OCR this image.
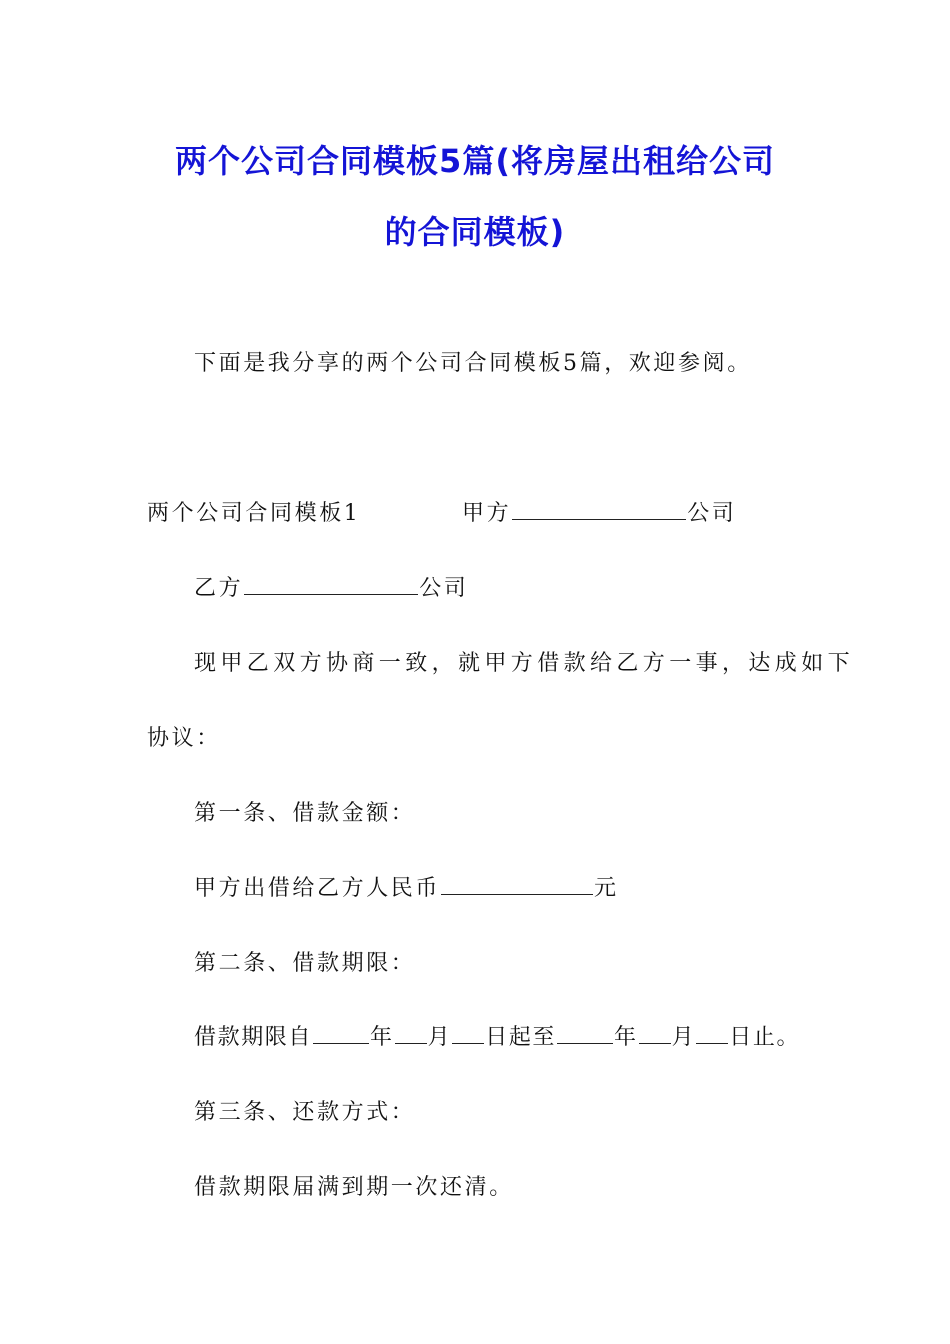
两个公司合同模板5篇(将房屋出租给公司
的合同模板)
下面是我分享的两个公司合同模板5篇，欢迎参阅。
两个公司合同模板1	甲方	公司
乙方	公司
现甲乙双方协商一致，就甲方借款给乙方一事，达成如下
协议：
第一条、借款金额：
甲方出借给乙方人民币	元
第二条、借款期限：
借款期限自	年 月 日起至	年 月 日止。
第三条、还款方式：
借款期限届满到期一次还清。
